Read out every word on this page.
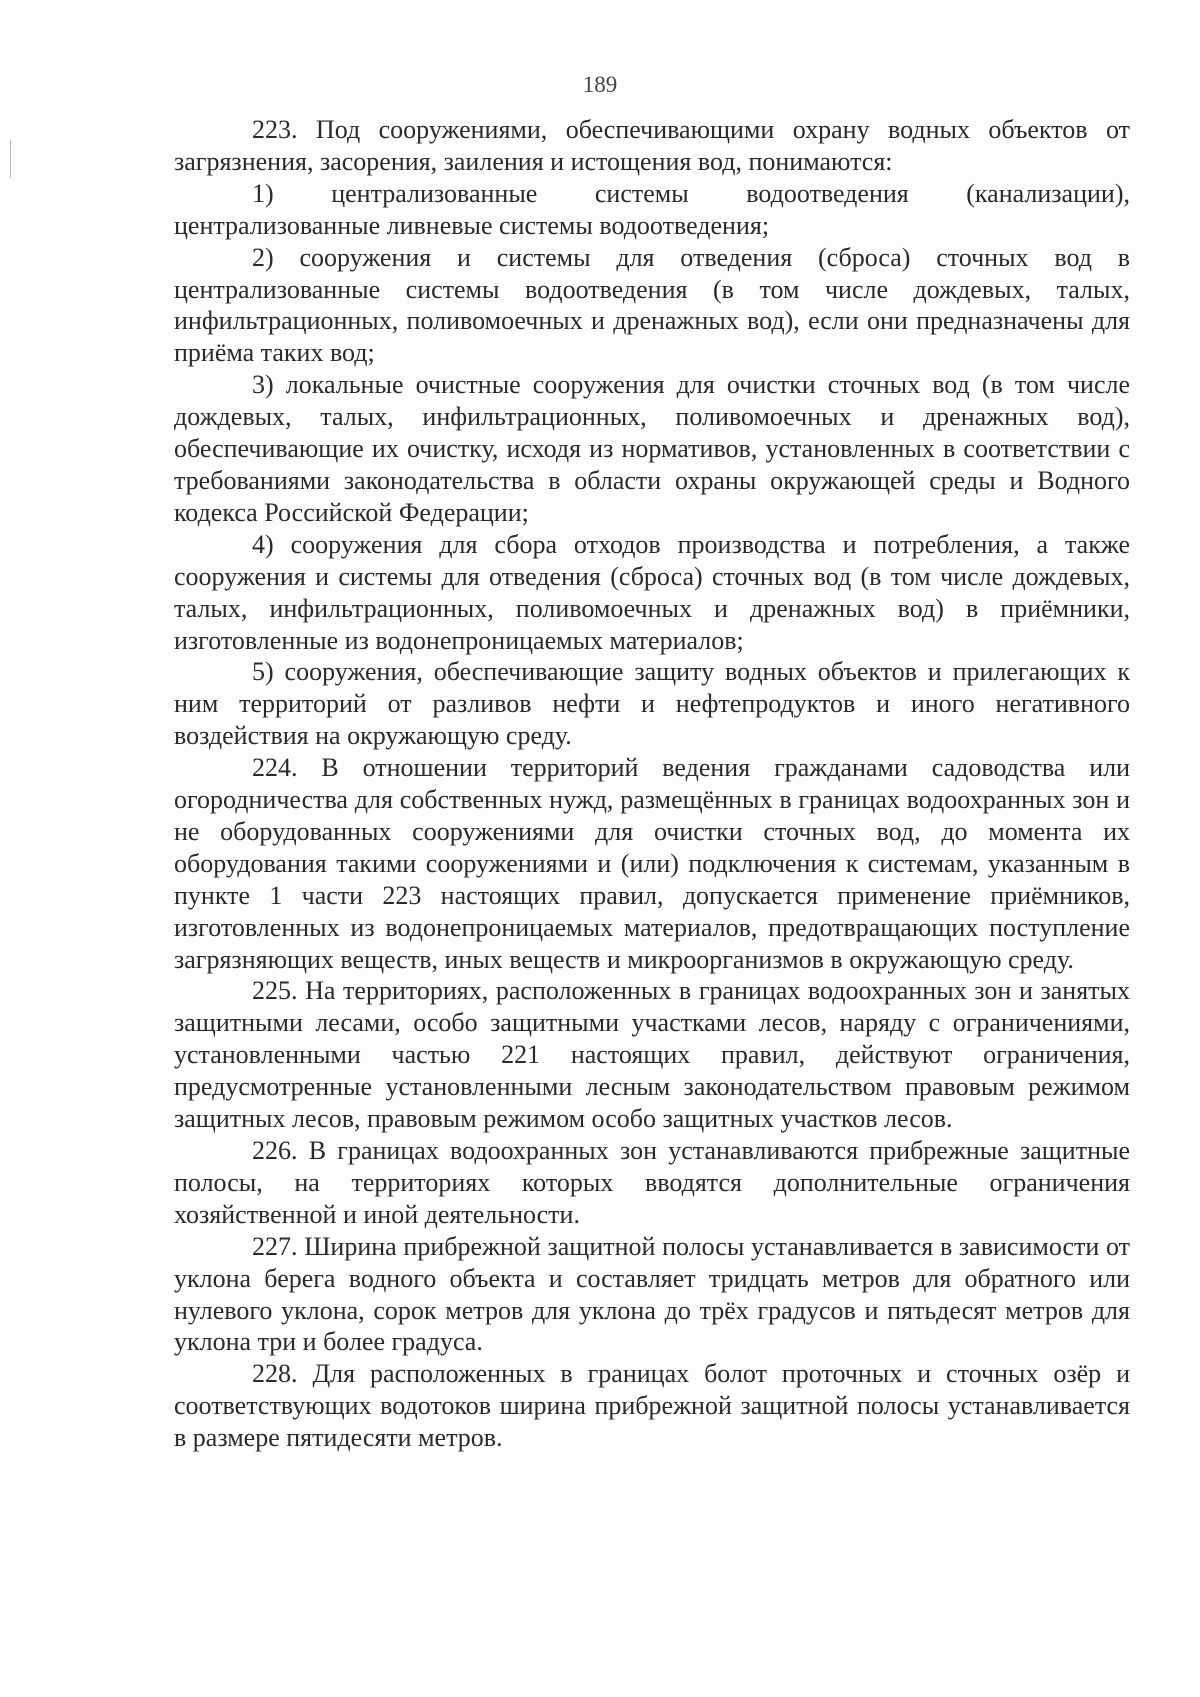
189

223. Под сооружениями, обеспечивающими охрану водных объектов от загрязнения, засорения, заиления и истощения вод, понимаются:

1) централизованные системы водоотведения (канализации), централизованные ливневые системы водоотведения;

2) сооружения и системы для отведения (сброса) сточных вод в централизованные системы водоотведения (в том числе дождевых, талых, инфильтрационных, поливомоечных и дренажных вод), если они предназначены для приёма таких вод;

3) локальные очистные сооружения для очистки сточных вод (в том числе дождевых, талых, инфильтрационных, поливомоечных и дренажных вод), обеспечивающие их очистку, исходя из нормативов, установленных в соответствии с требованиями законодательства в области охраны окружающей среды и Водного кодекса Российской Федерации;

4) сооружения для сбора отходов производства и потребления, а также сооружения и системы для отведения (сброса) сточных вод (в том числе дождевых, талых, инфильтрационных, поливомоечных и дренажных вод) в приёмники, изготовленные из водонепроницаемых материалов;

5) сооружения, обеспечивающие защиту водных объектов и прилегающих к ним территорий от разливов нефти и нефтепродуктов и иного негативного воздействия на окружающую среду.

224. В отношении территорий ведения гражданами садоводства или огородничества для собственных нужд, размещённых в границах водоохранных зон и не оборудованных сооружениями для очистки сточных вод, до момента их оборудования такими сооружениями и (или) подключения к системам, указанным в пункте 1 части 223 настоящих правил, допускается применение приёмников, изготовленных из водонепроницаемых материалов, предотвращающих поступление загрязняющих веществ, иных веществ и микроорганизмов в окружающую среду.

225. На территориях, расположенных в границах водоохранных зон и занятых защитными лесами, особо защитными участками лесов, наряду с ограничениями, установленными частью 221 настоящих правил, действуют ограничения, предусмотренные установленными лесным законодательством правовым режимом защитных лесов, правовым режимом особо защитных участков лесов.

226. В границах водоохранных зон устанавливаются прибрежные защитные полосы, на территориях которых вводятся дополнительные ограничения хозяйственной и иной деятельности.

227. Ширина прибрежной защитной полосы устанавливается в зависимости от уклона берега водного объекта и составляет тридцать метров для обратного или нулевого уклона, сорок метров для уклона до трёх градусов и пятьдесят метров для уклона три и более градуса.

228. Для расположенных в границах болот проточных и сточных озёр и соответствующих водотоков ширина прибрежной защитной полосы устанавливается в размере пятидесяти метров.
